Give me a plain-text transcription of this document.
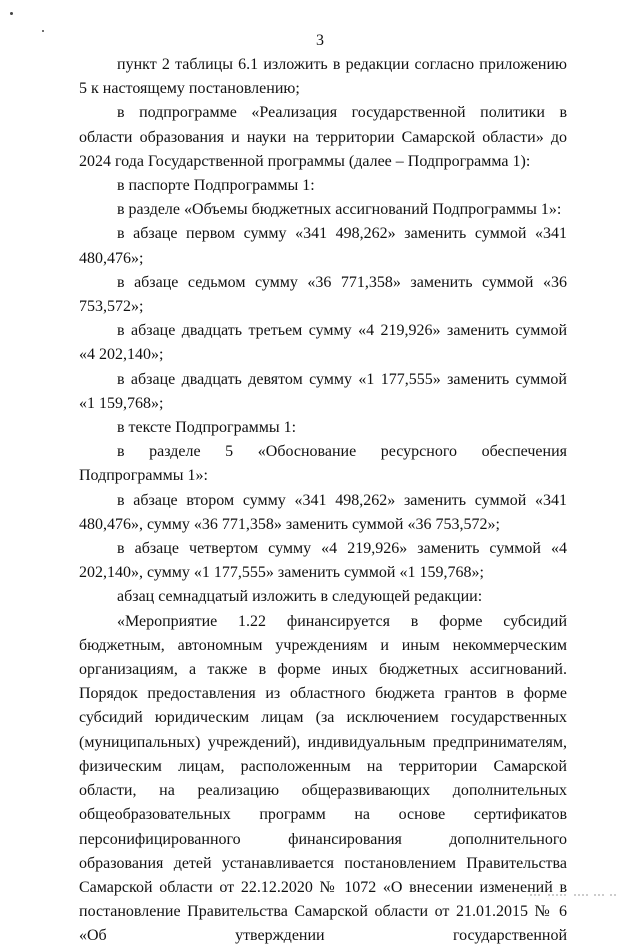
3

пункт 2 таблицы 6.1 изложить в редакции согласно приложению 5 к настоящему постановлению;

в подпрограмме «Реализация государственной политики в области образования и науки на территории Самарской области» до 2024 года Государственной программы (далее – Подпрограмма 1):

в паспорте Подпрограммы 1:

в разделе «Объемы бюджетных ассигнований Подпрограммы 1»:

в абзаце первом сумму «341 498,262» заменить суммой «341 480,476»;

в абзаце седьмом сумму «36 771,358» заменить суммой «36 753,572»;

в абзаце двадцать третьем сумму «4 219,926» заменить суммой «4 202,140»;

в абзаце двадцать девятом сумму «1 177,555» заменить суммой «1 159,768»;

в тексте Подпрограммы 1:

в разделе 5 «Обоснование ресурсного обеспечения Подпрограммы 1»:

в абзаце втором сумму «341 498,262» заменить суммой «341 480,476», сумму «36 771,358» заменить суммой «36 753,572»;

в абзаце четвертом сумму «4 219,926» заменить суммой «4 202,140», сумму «1 177,555» заменить суммой «1 159,768»;

абзац семнадцатый изложить в следующей редакции:

«Мероприятие 1.22 финансируется в форме субсидий бюджетным, автономным учреждениям и иным некоммерческим организациям, а также в форме иных бюджетных ассигнований. Порядок предоставления из областного бюджета грантов в форме субсидий юридическим лицам (за исключением государственных (муниципальных) учреждений), индивидуальным предпринимателям, физическим лицам, расположенным на территории Самарской области, на реализацию общеразвивающих дополнительных общеобразовательных программ на основе сертификатов персонифицированного финансирования дополнительного образования детей устанавливается постановлением Правительства Самарской области от 22.12.2020 № 1072 «О внесении изменений в постановление Правительства Самарской области от 21.01.2015 № 6 «Об утверждении государственной
